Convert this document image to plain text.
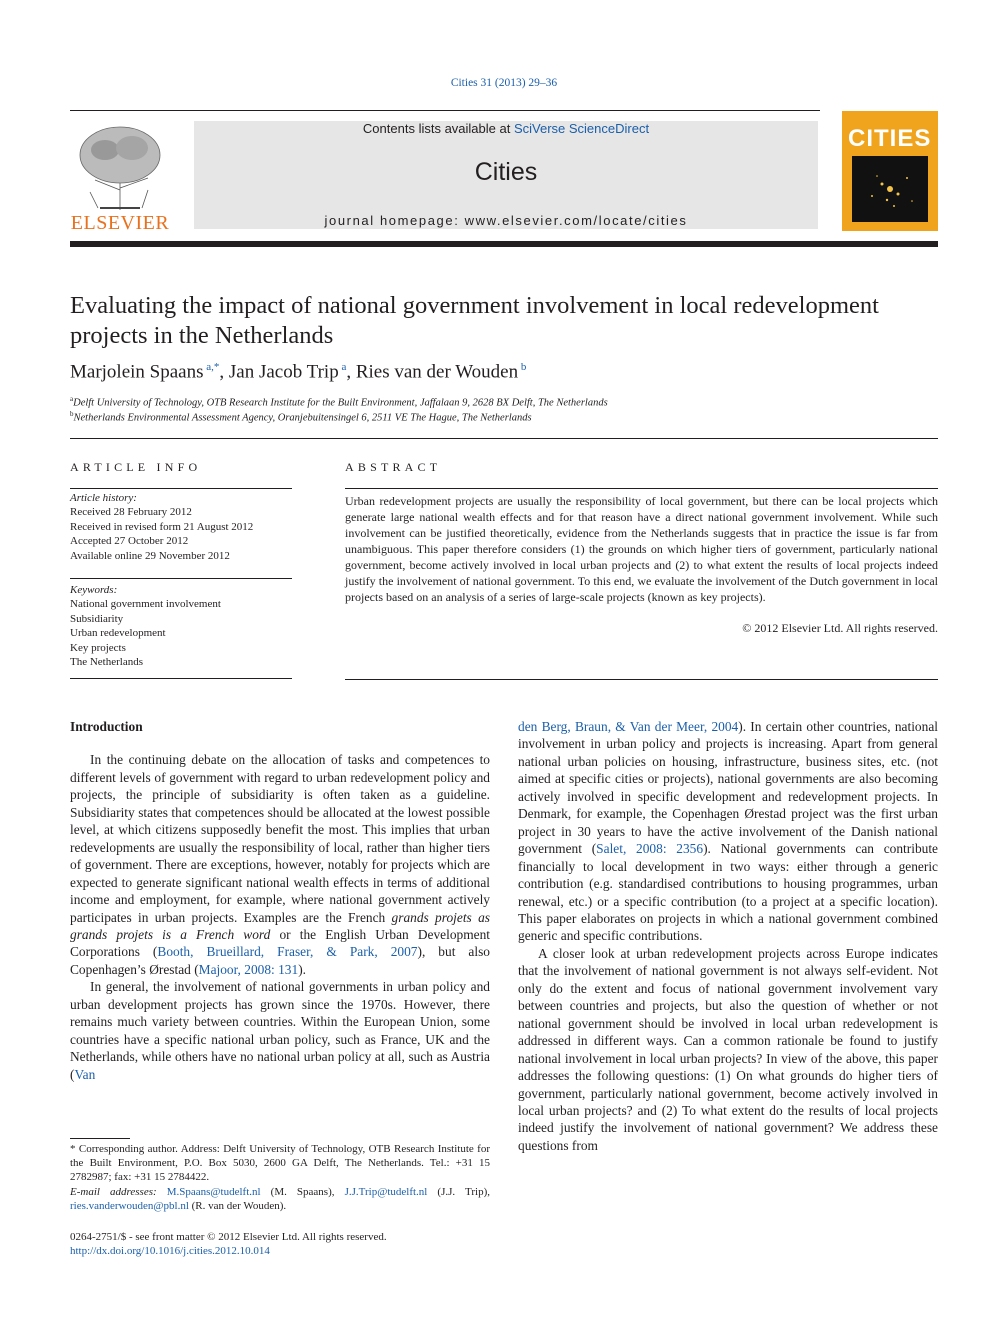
Cities 31 (2013) 29–36
ELSEVIER
Contents lists available at SciVerse ScienceDirect
Cities
journal homepage: www.elsevier.com/locate/cities
CITIES
Evaluating the impact of national government involvement in local redevelopment projects in the Netherlands
Marjolein Spaans $^{a,*}$, Jan Jacob Trip $^a$, Ries van der Wouden $^b$
$^a$Delft University of Technology, OTB Research Institute for the Built Environment, Jaffalaan 9, 2628 BX Delft, The Netherlands
$^b$Netherlands Environmental Assessment Agency, Oranjebuitensingel 6, 2511 VE The Hague, The Netherlands
ARTICLE INFO
Article history:
Received 28 February 2012
Received in revised form 21 August 2012
Accepted 27 October 2012
Available online 29 November 2012
Keywords:
National government involvement
Subsidiarity
Urban redevelopment
Key projects
The Netherlands
ABSTRACT
Urban redevelopment projects are usually the responsibility of local government, but there can be local projects which generate large national wealth effects and for that reason have a direct national government involvement. While such involvement can be justified theoretically, evidence from the Netherlands suggests that in practice the issue is far from unambiguous. This paper therefore considers (1) the grounds on which higher tiers of government, particularly national government, become actively involved in local urban projects and (2) to what extent the results of local projects indeed justify the involvement of national government. To this end, we evaluate the involvement of the Dutch government in local projects based on an analysis of a series of large-scale projects (known as key projects).
© 2012 Elsevier Ltd. All rights reserved.
Introduction

In the continuing debate on the allocation of tasks and competences to different levels of government with regard to urban redevelopment policy and projects, the principle of subsidiarity is often taken as a guideline. Subsidiarity states that competences should be allocated at the lowest possible level, at which citizens supposedly benefit the most. This implies that urban redevelopments are usually the responsibility of local, rather than higher tiers of government. There are exceptions, however, notably for projects which are expected to generate significant national wealth effects in terms of additional income and employment, for example, where national government actively participates in urban projects. Examples are the French grands projets as grands projets is a French word or the English Urban Development Corporations (Booth, Brueillard, Fraser, & Park, 2007), but also Copenhagen’s Ørestad (Majoor, 2008: 131).

In general, the involvement of national governments in urban policy and urban development projects has grown since the 1970s. However, there remains much variety between countries. Within the European Union, some countries have a specific national urban policy, such as France, UK and the Netherlands, while others have no national urban policy at all, such as Austria (Van

den Berg, Braun, & Van der Meer, 2004). In certain other countries, national involvement in urban policy and projects is increasing. Apart from general national urban policies on housing, infrastructure, business sites, etc. (not aimed at specific cities or projects), national governments are also becoming actively involved in specific development and redevelopment projects. In Denmark, for example, the Copenhagen Ørestad project was the first urban project in 30 years to have the active involvement of the Danish national government (Salet, 2008: 2356). National governments can contribute financially to local development in two ways: either through a generic contribution (e.g. standardised contributions to housing programmes, urban renewal, etc.) or a specific contribution (to a project at a specific location). This paper elaborates on projects in which a national government combined generic and specific contributions.

A closer look at urban redevelopment projects across Europe indicates that the involvement of national government is not always self-evident. Not only do the extent and focus of national government involvement vary between countries and projects, but also the question of whether or not national government should be involved in local urban redevelopment is addressed in different ways. Can a common rationale be found to justify national involvement in local urban projects? In view of the above, this paper addresses the following questions: (1) On what grounds do higher tiers of government, particularly national government, become actively involved in local urban projects? and (2) To what extent do the results of local projects indeed justify the involvement of national government? We address these questions from

* Corresponding author. Address: Delft University of Technology, OTB Research Institute for the Built Environment, P.O. Box 5030, 2600 GA Delft, The Netherlands. Tel.: +31 15 2782987; fax: +31 15 2784422.
E-mail addresses: M.Spaans@tudelft.nl (M. Spaans), J.J.Trip@tudelft.nl (J.J. Trip), ries.vanderwouden@pbl.nl (R. van der Wouden).
0264-2751/$ - see front matter © 2012 Elsevier Ltd. All rights reserved.
http://dx.doi.org/10.1016/j.cities.2012.10.014
